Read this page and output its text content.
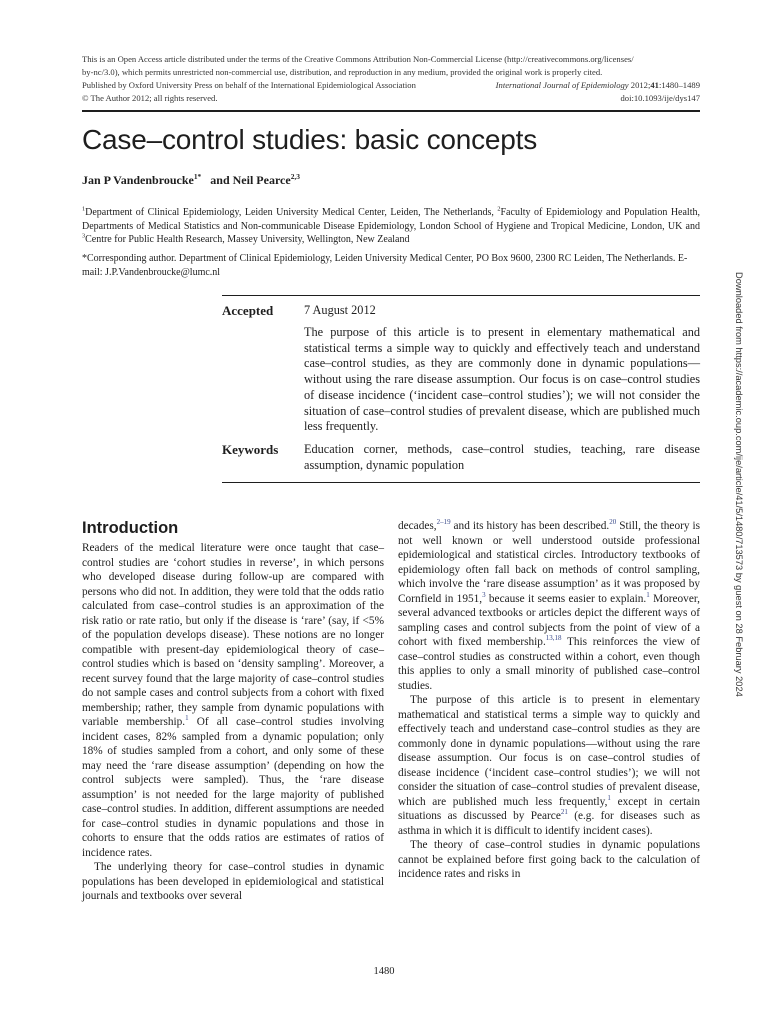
This is an Open Access article distributed under the terms of the Creative Commons Attribution Non-Commercial License (http://creativecommons.org/licenses/
by-nc/3.0), which permits unrestricted non-commercial use, distribution, and reproduction in any medium, provided the original work is properly cited.
Published by Oxford University Press on behalf of the International Epidemiological Association	International Journal of Epidemiology 2012;41:1480–1489
© The Author 2012; all rights reserved.	doi:10.1093/ije/dys147
Case–control studies: basic concepts
Jan P Vandenbroucke$^{1*}$ and Neil Pearce$^{2,3}$
$^1$Department of Clinical Epidemiology, Leiden University Medical Center, Leiden, The Netherlands, $^2$Faculty of Epidemiology and Population Health, Departments of Medical Statistics and Non-communicable Disease Epidemiology, London School of Hygiene and Tropical Medicine, London, UK and $^3$Centre for Public Health Research, Massey University, Wellington, New Zealand
*Corresponding author. Department of Clinical Epidemiology, Leiden University Medical Center, PO Box 9600, 2300 RC Leiden, The Netherlands. E-mail: J.P.Vandenbroucke@lumc.nl
Accepted 7 August 2012
The purpose of this article is to present in elementary mathematical and statistical terms a simple way to quickly and effectively teach and understand case–control studies, as they are commonly done in dynamic populations—without using the rare disease assumption. Our focus is on case–control studies of disease incidence (‘incident case–control studies’); we will not consider the situation of case–control studies of prevalent disease, which are published much less frequently.
Keywords Education corner, methods, case–control studies, teaching, rare disease assumption, dynamic population
Introduction

Readers of the medical literature were once taught that case–control studies are ‘cohort studies in reverse’, in which persons who developed disease during follow-up are compared with persons who did not. In addition, they were told that the odds ratio calculated from case–control studies is an approximation of the risk ratio or rate ratio, but only if the disease is ‘rare’ (say, if <5% of the population develops disease). These notions are no longer compatible with present-day epidemiological theory of case–control studies which is based on ‘density sampling’. Moreover, a recent survey found that the large majority of case–control studies do not sample cases and control subjects from a cohort with fixed membership; rather, they sample from dynamic populations with variable membership.$^1$ Of all case–control studies involving incident cases, 82% sampled from a dynamic population; only 18% of studies sampled from a cohort, and only some of these may need the ‘rare disease assumption’ (depending on how the control subjects were sampled). Thus, the ‘rare disease assumption’ is not needed for the large majority of published case–control studies. In addition, different assumptions are needed for case–control studies in dynamic populations and those in cohorts to ensure that the odds ratios are estimates of ratios of incidence rates.

The underlying theory for case–control studies in dynamic populations has been developed in epidemiological and statistical journals and textbooks over several

decades,$^{2-19}$ and its history has been described.$^{20}$ Still, the theory is not well known or well understood outside professional epidemiological and statistical circles. Introductory textbooks of epidemiology often fall back on methods of control sampling, which involve the ‘rare disease assumption’ as it was proposed by Cornfield in 1951,$^3$ because it seems easier to explain.$^1$ Moreover, several advanced textbooks or articles depict the different ways of sampling cases and control subjects from the point of view of a cohort with fixed membership.$^{13,18}$ This reinforces the view of case–control studies as constructed within a cohort, even though this applies to only a small minority of published case–control studies.

The purpose of this article is to present in elementary mathematical and statistical terms a simple way to quickly and effectively teach and understand case–control studies as they are commonly done in dynamic populations—without using the rare disease assumption. Our focus is on case–control studies of disease incidence (‘incident case–control studies’); we will not consider the situation of case–control studies of prevalent disease, which are published much less frequently,$^1$ except in certain situations as discussed by Pearce$^{21}$ (e.g. for diseases such as asthma in which it is difficult to identify incident cases).

The theory of case–control studies in dynamic populations cannot be explained before first going back to the calculation of incidence rates and risks in

1480
Downloaded from https://academic.oup.com/ije/article/41/5/1480/713573 by guest on 28 February 2024
